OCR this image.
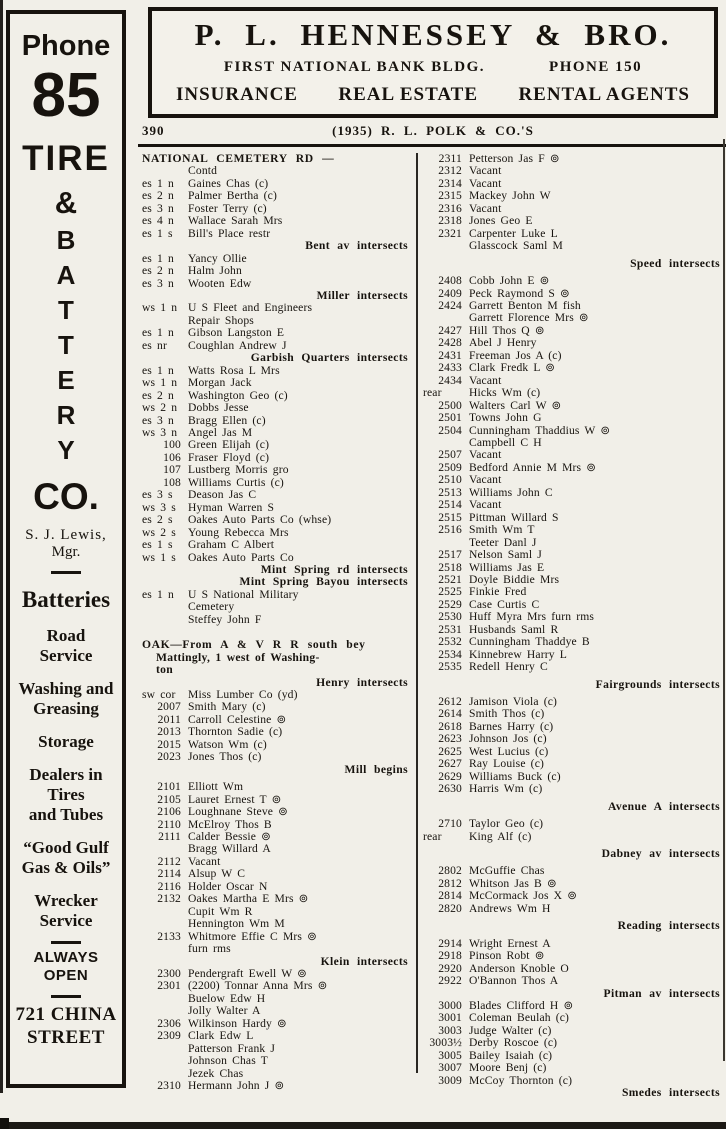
Phone
85
TIRE
&
B
A
T
T
E
R
Y
CO.
S. J. Lewis,
Mgr.
Batteries
Road
Service
Washing and
Greasing
Storage
Dealers in
Tires
and Tubes
“Good Gulf
Gas & Oils”
Wrecker
Service
ALWAYS
OPEN
721 CHINA
STREET
P. L. HENNESSEY & BRO.
FIRST NATIONAL BANK BLDG.	PHONE 150
INSURANCE REAL ESTATE RENTAL AGENTS
390	(1935) R. L. POLK & CO.'S
NATIONAL CEMETERY RD —
Contd
es 1 n	Gaines Chas (c)
es 2 n	Palmer Bertha (c)
es 3 n	Foster Terry (c)
es 4 n	Wallace Sarah Mrs
es 1 s	Bill's Place restr
Bent av intersects
es 1 n	Yancy Ollie
es 2 n	Halm John
es 3 n	Wooten Edw
Miller intersects
ws 1 n U S Fleet and Engineers
Repair Shops
es 1 n	Gibson Langston E
es nr	Coughlan Andrew J
Garbish Quarters intersects
es 1 n	Watts Rosa L Mrs
ws 1 n Morgan Jack
es 2 n	Washington Geo (c)
ws 2 n Dobbs Jesse
es 3 n	Bragg Ellen (c)
ws 3 n Angel Jas M
100 Green Elijah (c)
106 Fraser Floyd (c)
107 Lustberg Morris gro
108 Williams Curtis (c)
es 3 s	Deason Jas C
ws 3 s	Hyman Warren S
es 2 s	Oakes Auto Parts Co (whse)
ws 2 s	Young Rebecca Mrs
es 1 s	Graham C Albert
ws 1 s	Oakes Auto Parts Co
Mint Spring rd intersects
Mint Spring Bayou intersects
es 1 n	U S National Military
Cemetery
Steffey John F
OAK—From A & V R R south bey
Mattingly, 1 west of Washing-
ton
Henry intersects
sw cor	Miss Lumber Co (yd)
2007 Smith Mary (c)
2011 Carroll Celestine ⊚
2013 Thornton Sadie (c)
2015 Watson Wm (c)
2023 Jones Thos (c)
Mill begins
2101 Elliott Wm
2105 Lauret Ernest T ⊚
2106 Loughnane Steve ⊚
2110 McElroy Thos B
2111 Calder Bessie ⊚
Bragg Willard A
2112 Vacant
2114 Alsup W C
2116 Holder Oscar N
2132 Oakes Martha E Mrs ⊚
Cupit Wm R
Hennington Wm M
2133 Whitmore Effie C Mrs ⊚
furn rms
Klein intersects
2300 Pendergraft Ewell W ⊚
2301 (2200) Tonnar Anna Mrs ⊚
Buelow Edw H
Jolly Walter A
2306 Wilkinson Hardy ⊚
2309 Clark Edw L
Patterson Frank J
Johnson Chas T
Jezek Chas
2310 Hermann John J ⊚
2311 Petterson Jas F ⊚
2312 Vacant
2314 Vacant
2315 Mackey John W
2316 Vacant
2318 Jones Geo E
2321 Carpenter Luke L
Glasscock Saml M
Speed intersects
2408 Cobb John E ⊚
2409 Peck Raymond S ⊚
2424 Garrett Benton M fish
Garrett Florence Mrs ⊚
2427 Hill Thos Q ⊚
2428 Abel J Henry
2431 Freeman Jos A (c)
2433 Clark Fredk L ⊚
2434 Vacant
rear	Hicks Wm (c)
2500 Walters Carl W ⊚
2501 Towns John G
2504 Cunningham Thaddius W ⊚
Campbell C H
2507 Vacant
2509 Bedford Annie M Mrs ⊚
2510 Vacant
2513 Williams John C
2514 Vacant
2515 Pittman Willard S
2516 Smith Wm T
Teeter Danl J
2517 Nelson Saml J
2518 Williams Jas E
2521 Doyle Biddie Mrs
2525 Finkie Fred
2529 Case Curtis C
2530 Huff Myra Mrs furn rms
2531 Husbands Saml R
2532 Cunningham Thaddye B
2534 Kinnebrew Harry L
2535 Redell Henry C
Fairgrounds intersects
2612 Jamison Viola (c)
2614 Smith Thos (c)
2618 Barnes Harry (c)
2623 Johnson Jos (c)
2625 West Lucius (c)
2627 Ray Louise (c)
2629 Williams Buck (c)
2630 Harris Wm (c)
Avenue A intersects
2710 Taylor Geo (c)
rear	King Alf (c)
Dabney av intersects
2802 McGuffie Chas
2812 Whitson Jas B ⊚
2814 McCormack Jos X ⊚
2820 Andrews Wm H
Reading intersects
2914 Wright Ernest A
2918 Pinson Robt ⊚
2920 Anderson Knoble O
2922 O'Bannon Thos A
Pitman av intersects
3000 Blades Clifford H ⊚
3001 Coleman Beulah (c)
3003 Judge Walter (c)
3003½ Derby Roscoe (c)
3005 Bailey Isaiah (c)
3007 Moore Benj (c)
3009 McCoy Thornton (c)
Smedes intersects
